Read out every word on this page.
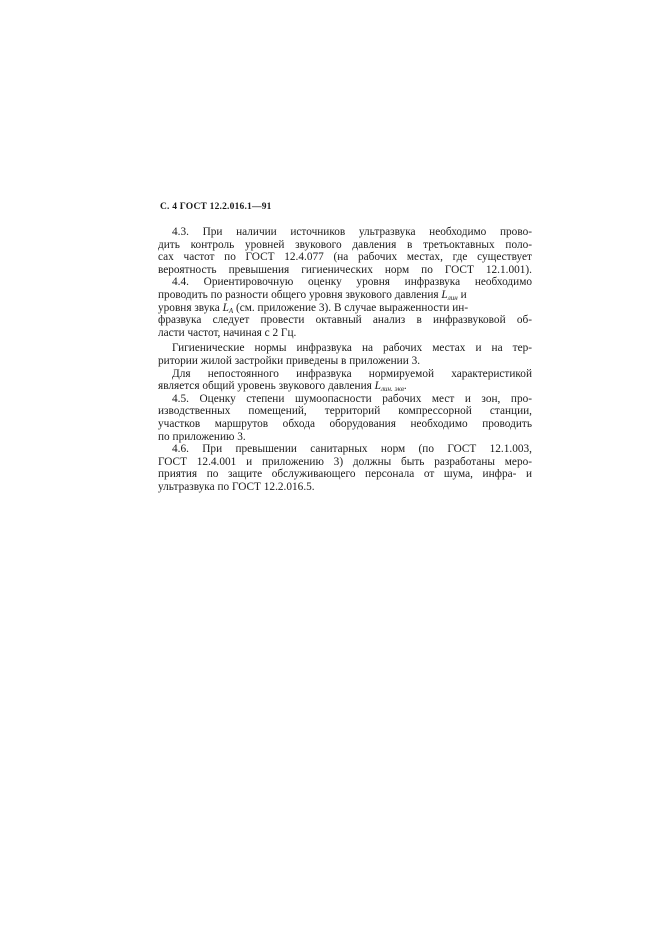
С. 4 ГОСТ 12.2.016.1—91
4.3. При наличии источников ультразвука необходимо прово-
дить контроль уровней звукового давления в третьоктавных поло-
сах частот по ГОСТ 12.4.077 (на рабочих местах, где существует
вероятность превышения гигиенических норм по ГОСТ 12.1.001).
4.4. Ориентировочную оценку уровня инфразвука необходимо
проводить по разности общего уровня звукового давления $L_{лин}$ и
уровня звука $L_A$ (см. приложение 3). В случае выраженности ин-
фразвука следует провести октавный анализ в инфразвуковой об-
ласти частот, начиная с 2 Гц.
Гигиенические нормы инфразвука на рабочих местах и на тер-
ритории жилой застройки приведены в приложении 3.
Для непостоянного инфразвука нормируемой характеристикой
является общий уровень звукового давления $L_{лин. экв}$.
4.5. Оценку степени шумоопасности рабочих мест и зон, про-
изводственных помещений, территорий компрессорной станции,
участков маршрутов обхода оборудования необходимо проводить
по приложению 3.
4.6. При превышении санитарных норм (по ГОСТ 12.1.003,
ГОСТ 12.4.001 и приложению 3) должны быть разработаны меро-
приятия по защите обслуживающего персонала от шума, инфра- и
ультразвука по ГОСТ 12.2.016.5.
